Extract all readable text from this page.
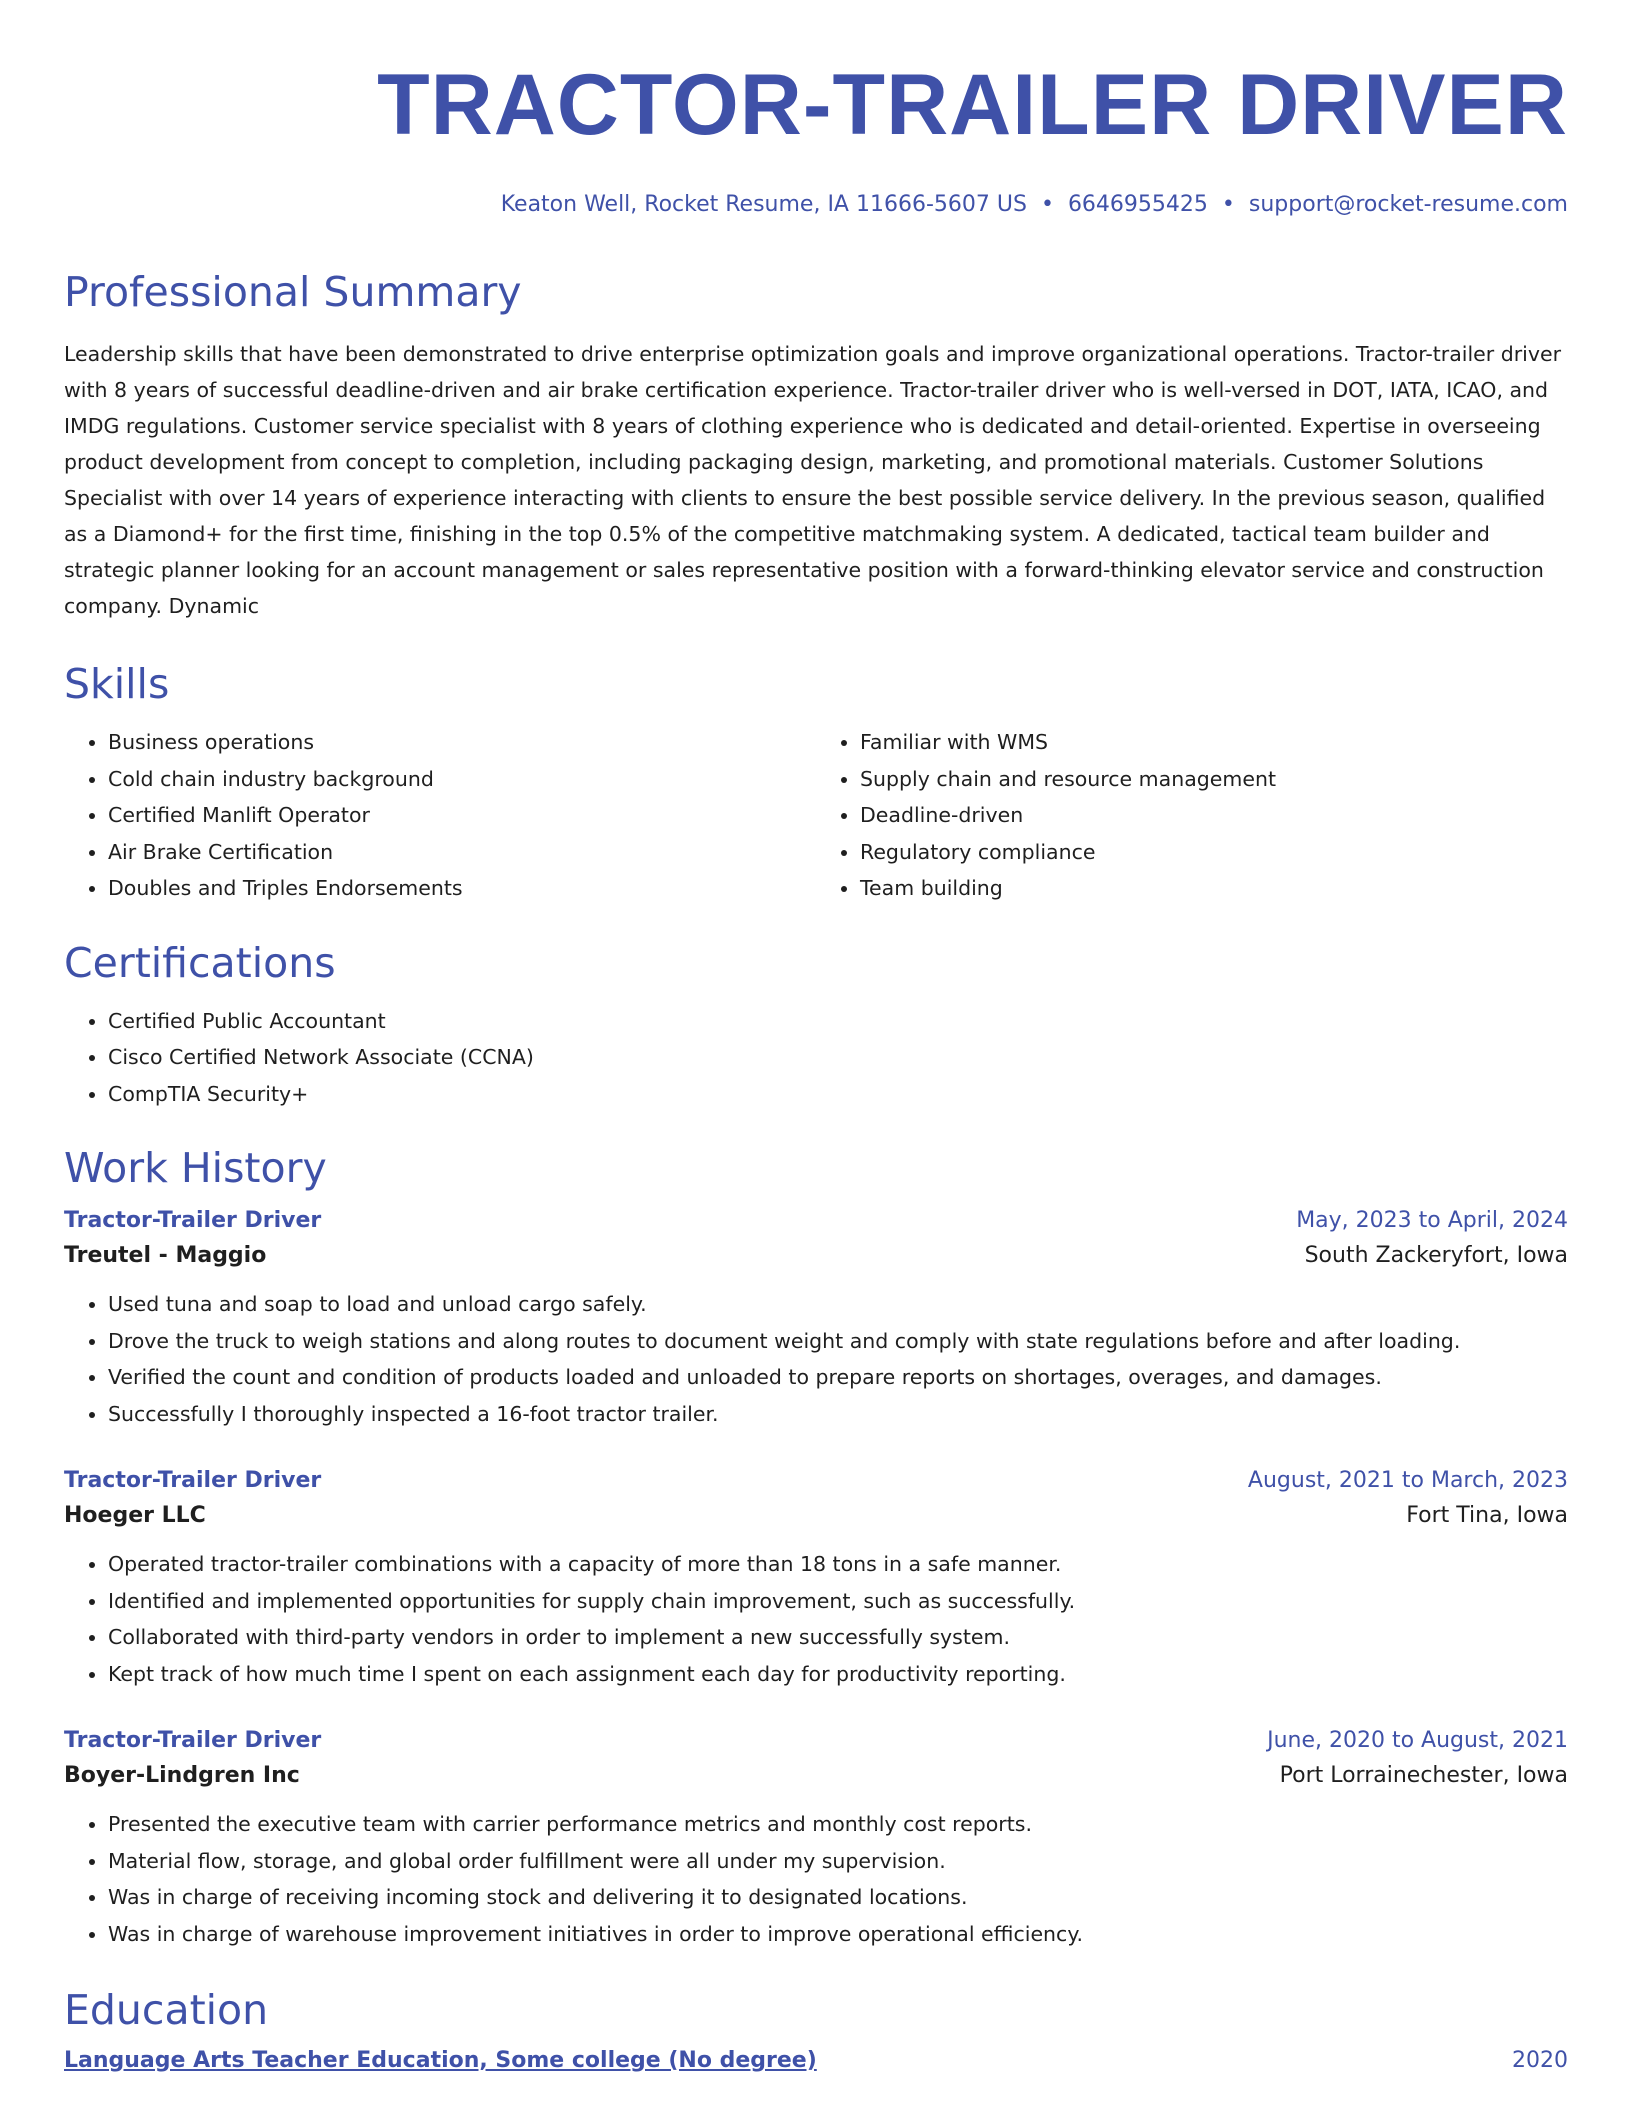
TRACTOR-TRAILER DRIVER
Keaton Well, Rocket Resume, IA 11666-5607 US • 6646955425 • support@rocket-resume.com
Professional Summary
Leadership skills that have been demonstrated to drive enterprise optimization goals and improve organizational operations. Tractor-trailer driver with 8 years of successful deadline-driven and air brake certification experience. Tractor-trailer driver who is well-versed in DOT, IATA, ICAO, and IMDG regulations. Customer service specialist with 8 years of clothing experience who is dedicated and detail-oriented. Expertise in overseeing product development from concept to completion, including packaging design, marketing, and promotional materials. Customer Solutions Specialist with over 14 years of experience interacting with clients to ensure the best possible service delivery. In the previous season, qualified as a Diamond+ for the first time, finishing in the top 0.5% of the competitive matchmaking system. A dedicated, tactical team builder and strategic planner looking for an account management or sales representative position with a forward-thinking elevator service and construction company. Dynamic
Skills
• Business operations
• Cold chain industry background
• Certified Manlift Operator
• Air Brake Certification
• Doubles and Triples Endorsements
• Familiar with WMS
• Supply chain and resource management
• Deadline-driven
• Regulatory compliance
• Team building
Certifications
• Certified Public Accountant
• Cisco Certified Network Associate (CCNA)
• CompTIA Security+
Work History
Tractor-Trailer Driver	May, 2023 to April, 2024
Treutel - Maggio	South Zackeryfort, Iowa
• Used tuna and soap to load and unload cargo safely.
• Drove the truck to weigh stations and along routes to document weight and comply with state regulations before and after loading.
• Verified the count and condition of products loaded and unloaded to prepare reports on shortages, overages, and damages.
• Successfully I thoroughly inspected a 16-foot tractor trailer.
Tractor-Trailer Driver	August, 2021 to March, 2023
Hoeger LLC	Fort Tina, Iowa
• Operated tractor-trailer combinations with a capacity of more than 18 tons in a safe manner.
• Identified and implemented opportunities for supply chain improvement, such as successfully.
• Collaborated with third-party vendors in order to implement a new successfully system.
• Kept track of how much time I spent on each assignment each day for productivity reporting.
Tractor-Trailer Driver	June, 2020 to August, 2021
Boyer-Lindgren Inc	Port Lorrainechester, Iowa
• Presented the executive team with carrier performance metrics and monthly cost reports.
• Material flow, storage, and global order fulfillment were all under my supervision.
• Was in charge of receiving incoming stock and delivering it to designated locations.
• Was in charge of warehouse improvement initiatives in order to improve operational efficiency.
Education
Language Arts Teacher Education, Some college (No degree)	2020
